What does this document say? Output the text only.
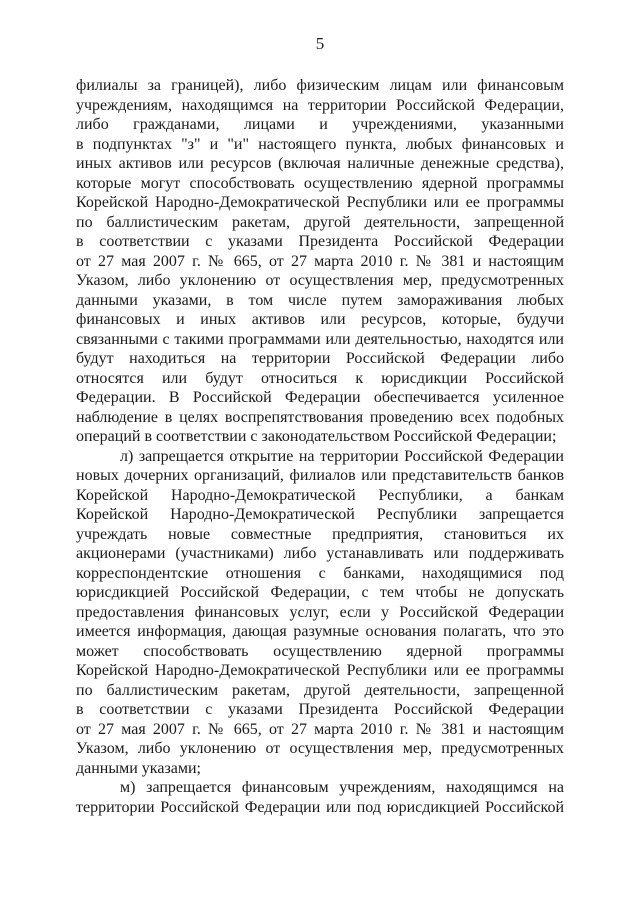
5
филиалы за границей), либо физическим лицам или финансовым
учреждениям, находящимся на территории Российской Федерации,
либо гражданами, лицами и учреждениями, указанными
в подпунктах "з" и "и" настоящего пункта, любых финансовых и
иных активов или ресурсов (включая наличные денежные средства),
которые могут способствовать осуществлению ядерной программы
Корейской Народно-Демократической Республики или ее программы
по баллистическим ракетам, другой деятельности, запрещенной
в соответствии с указами Президента Российской Федерации
от 27 мая 2007 г. № 665, от 27 марта 2010 г. № 381 и настоящим
Указом, либо уклонению от осуществления мер, предусмотренных
данными указами, в том числе путем замораживания любых
финансовых и иных активов или ресурсов, которые, будучи
связанными с такими программами или деятельностью, находятся или
будут находиться на территории Российской Федерации либо
относятся или будут относиться к юрисдикции Российской
Федерации. В Российской Федерации обеспечивается усиленное
наблюдение в целях воспрепятствования проведению всех подобных
операций в соответствии с законодательством Российской Федерации;
л) запрещается открытие на территории Российской Федерации
новых дочерних организаций, филиалов или представительств банков
Корейской Народно-Демократической Республики, а банкам
Корейской Народно-Демократической Республики запрещается
учреждать новые совместные предприятия, становиться их
акционерами (участниками) либо устанавливать или поддерживать
корреспондентские отношения с банками, находящимися под
юрисдикцией Российской Федерации, с тем чтобы не допускать
предоставления финансовых услуг, если у Российской Федерации
имеется информация, дающая разумные основания полагать, что это
может способствовать осуществлению ядерной программы
Корейской Народно-Демократической Республики или ее программы
по баллистическим ракетам, другой деятельности, запрещенной
в соответствии с указами Президента Российской Федерации
от 27 мая 2007 г. № 665, от 27 марта 2010 г. № 381 и настоящим
Указом, либо уклонению от осуществления мер, предусмотренных
данными указами;
м) запрещается финансовым учреждениям, находящимся на
территории Российской Федерации или под юрисдикцией Российской
